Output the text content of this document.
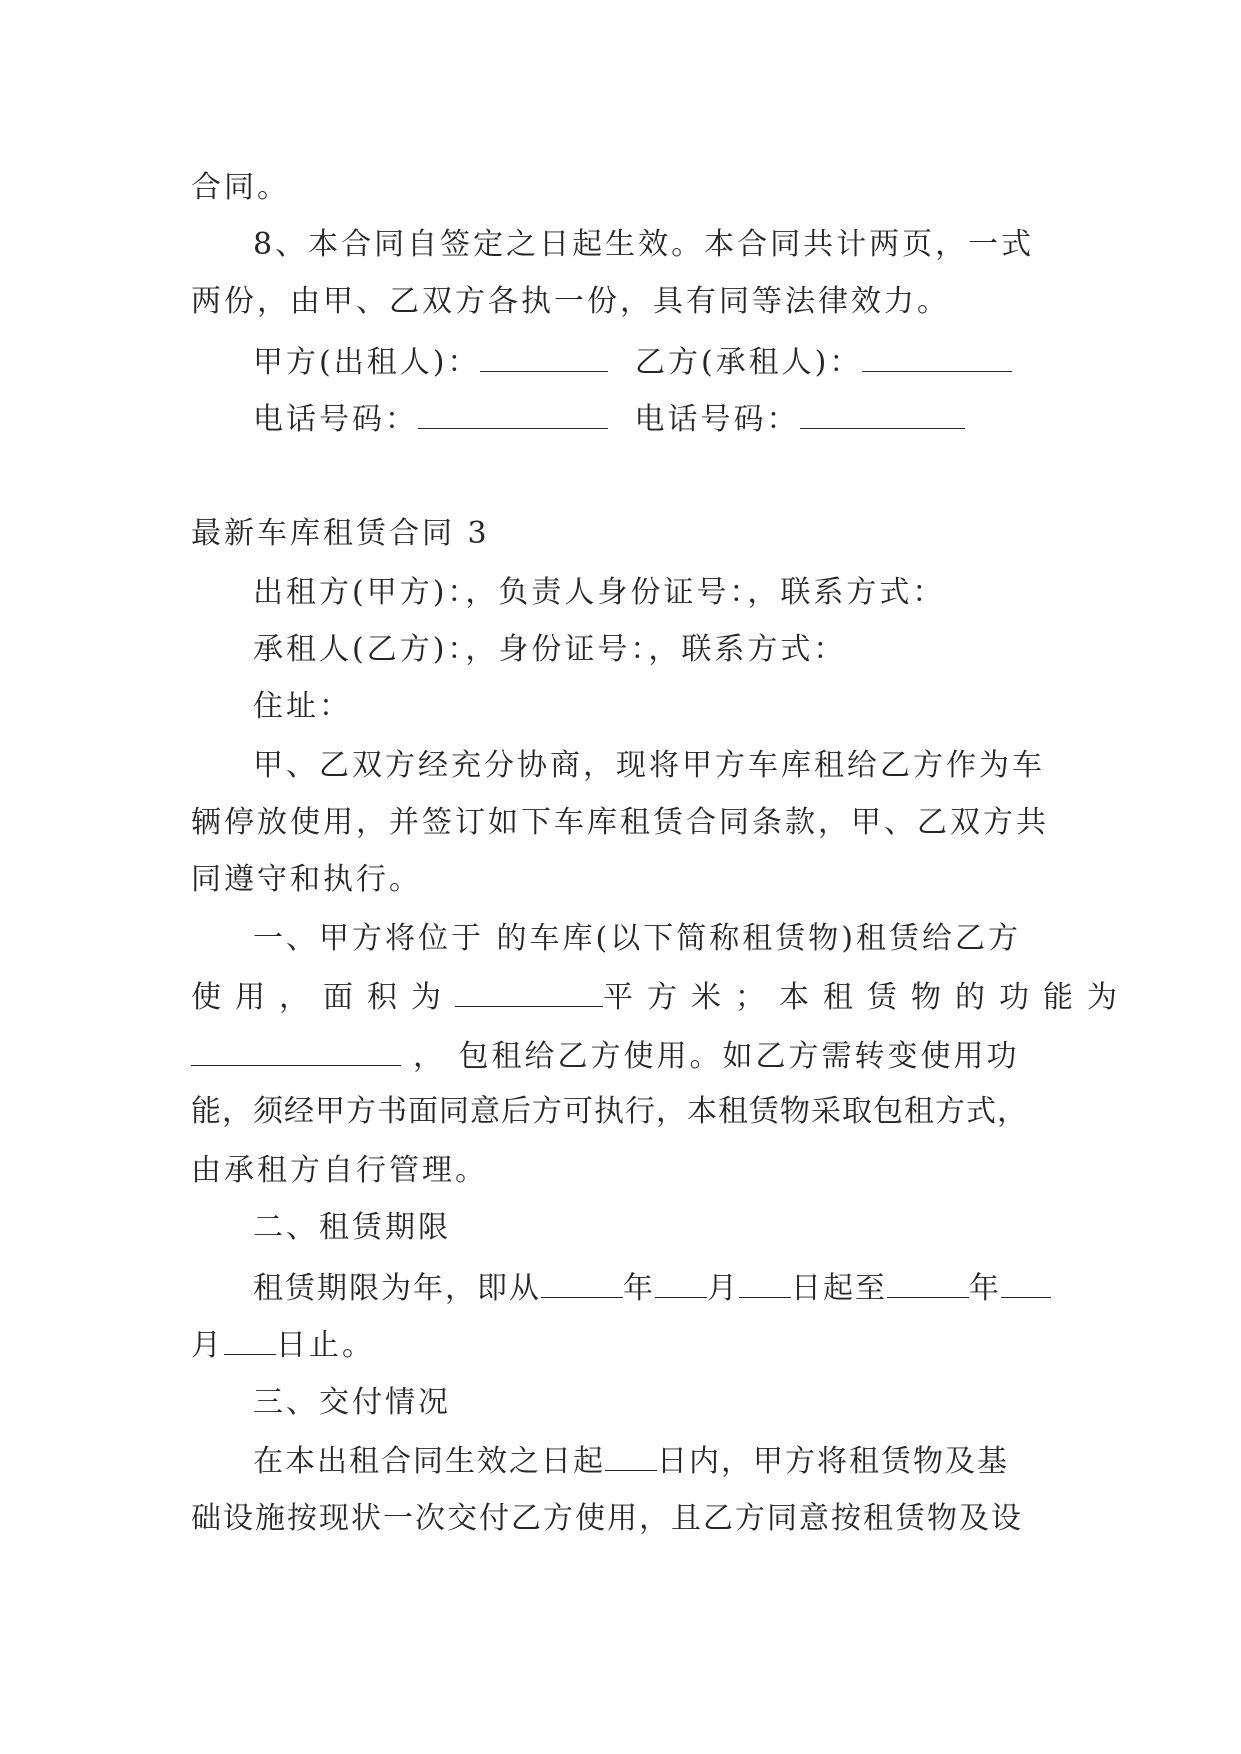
合同。
8、本合同自签定之日起生效。本合同共计两页，一式
两份，由甲、乙双方各执一份，具有同等法律效力。
甲方(出租人)：	乙方(承租人)：
电话号码：	电话号码：
最新车库租赁合同 3
出租方(甲方)：，负责人身份证号：，联系方式：
承租人(乙方)：，身份证号：，联系方式：
住址：
甲、乙双方经充分协商，现将甲方车库租给乙方作为车
辆停放使用，并签订如下车库租赁合同条款，甲、乙双方共
同遵守和执行。
一、甲方将位于 的车库(以下简称租赁物)租赁给乙方
使用，面积为	平方米；本租赁物的功能为
， 包租给乙方使用。如乙方需转变使用功
能，须经甲方书面同意后方可执行，本租赁物采取包租方式，
由承租方自行管理。
二、租赁期限
租赁期限为年，即从	年 月 日起至	年
月 日止。
三、交付情况
在本出租合同生效之日起 日内，甲方将租赁物及基
础设施按现状一次交付乙方使用，且乙方同意按租赁物及设
